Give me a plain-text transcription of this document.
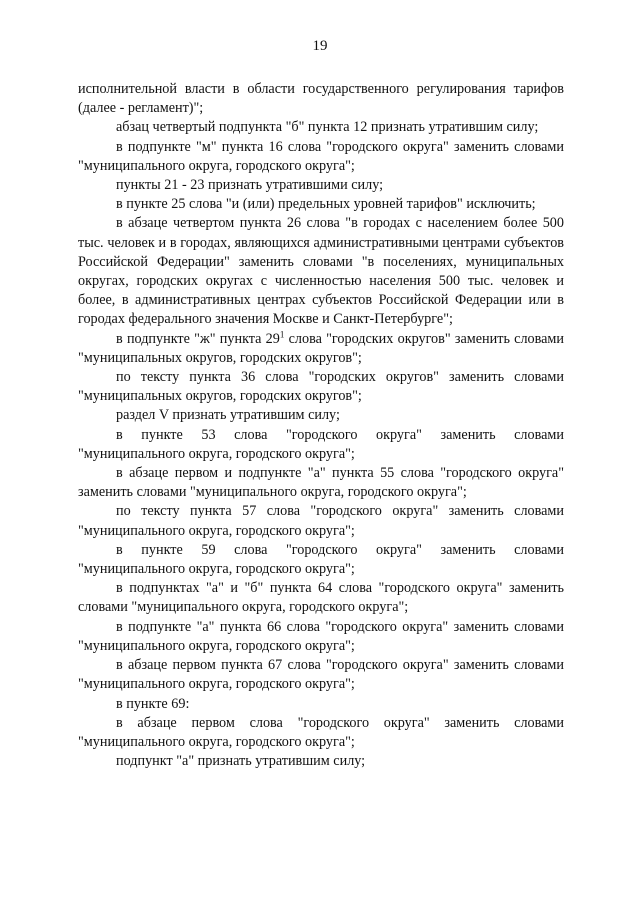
19

исполнительной власти в области государственного регулирования тарифов (далее - регламент)";

абзац четвертый подпункта "б" пункта 12 признать утратившим силу;

в подпункте "м" пункта 16 слова "городского округа" заменить словами "муниципального округа, городского округа";

пункты 21 - 23 признать утратившими силу;

в пункте 25 слова "и (или) предельных уровней тарифов" исключить;

в абзаце четвертом пункта 26 слова "в городах с населением более 500 тыс. человек и в городах, являющихся административными центрами субъектов Российской Федерации" заменить словами "в поселениях, муниципальных округах, городских округах с численностью населения 500 тыс. человек и более, в административных центрах субъектов Российской Федерации или в городах федерального значения Москве и Санкт-Петербурге";

в подпункте "ж" пункта $29^1$ слова "городских округов" заменить словами "муниципальных округов, городских округов";

по тексту пункта 36 слова "городских округов" заменить словами "муниципальных округов, городских округов";

раздел V признать утратившим силу;

в пункте 53 слова "городского округа" заменить словами "муниципального округа, городского округа";

в абзаце первом и подпункте "а" пункта 55 слова "городского округа" заменить словами "муниципального округа, городского округа";

по тексту пункта 57 слова "городского округа" заменить словами "муниципального округа, городского округа";

в пункте 59 слова "городского округа" заменить словами "муниципального округа, городского округа";

в подпунктах "а" и "б" пункта 64 слова "городского округа" заменить словами "муниципального округа, городского округа";

в подпункте "а" пункта 66 слова "городского округа" заменить словами "муниципального округа, городского округа";

в абзаце первом пункта 67 слова "городского округа" заменить словами "муниципального округа, городского округа";

в пункте 69:

в абзаце первом слова "городского округа" заменить словами "муниципального округа, городского округа";

подпункт "а" признать утратившим силу;
